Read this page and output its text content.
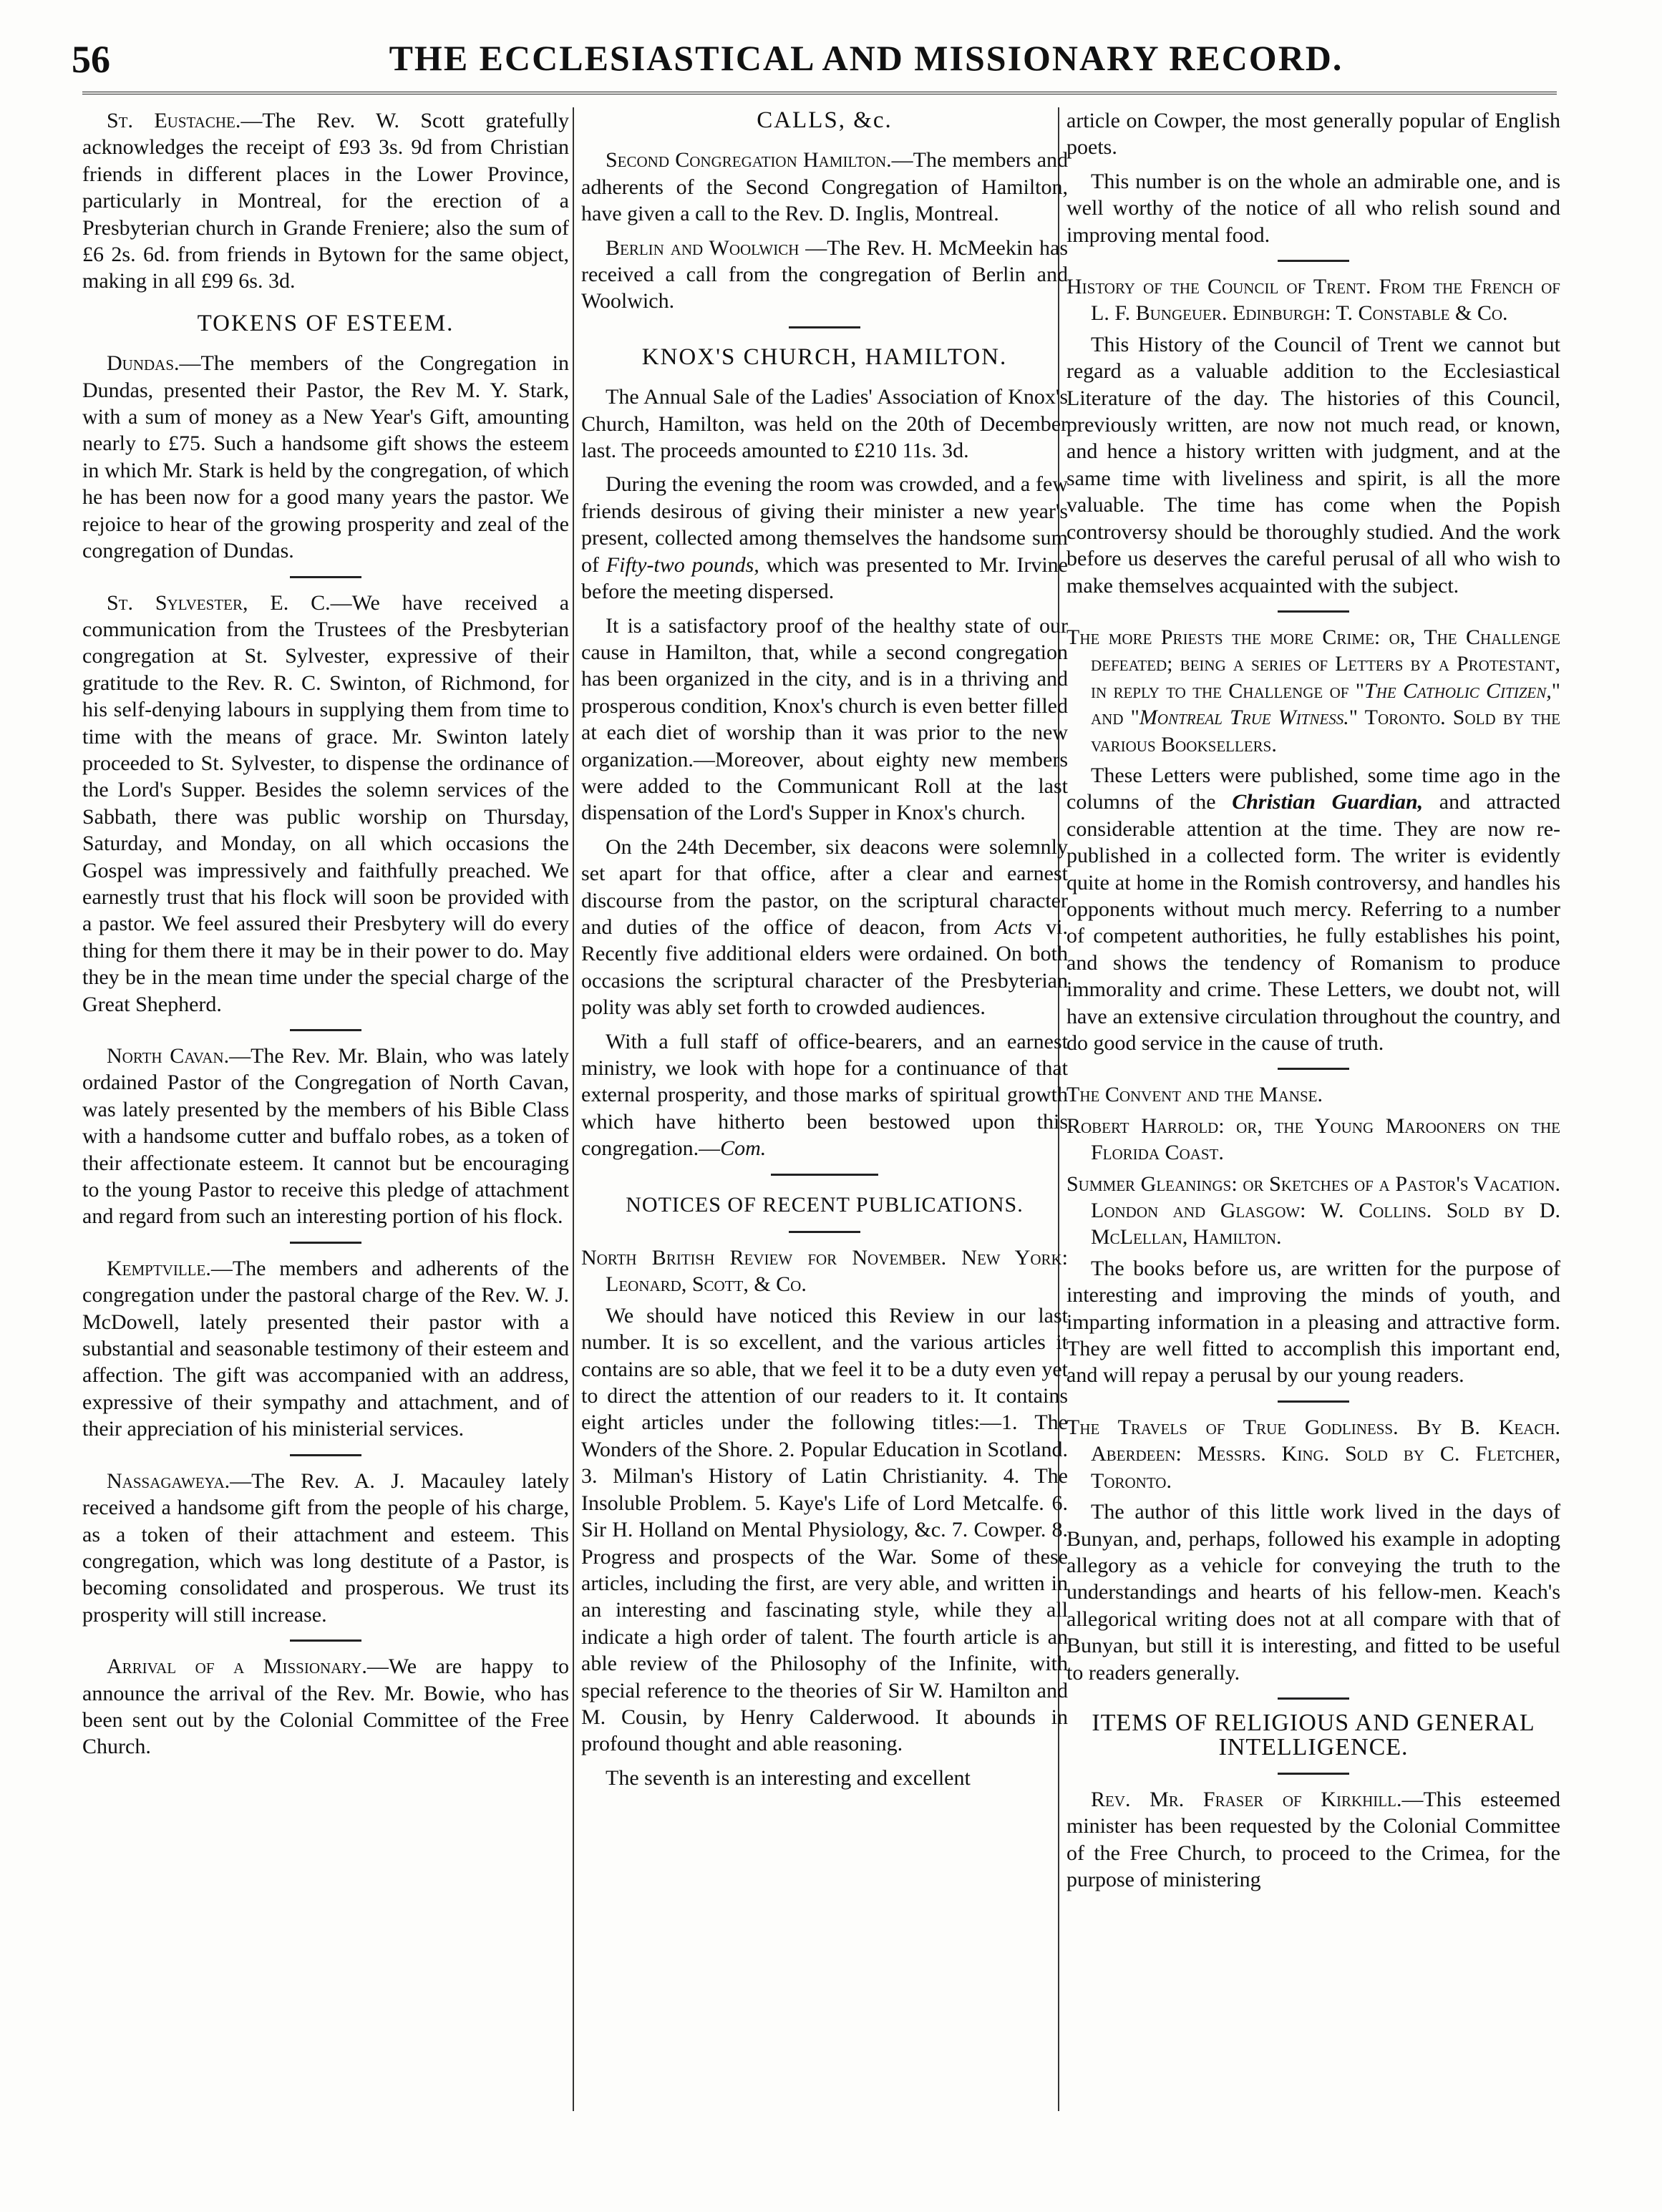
56	THE ECCLESIASTICAL AND MISSIONARY RECORD.

St. Eustache.—The Rev. W. Scott gratefully acknowledges the receipt of £93 3s. 9d from Christian friends in different places in the Lower Province, particularly in Montreal, for the erection of a Presbyterian church in Grande Freniere; also the sum of £6 2s. 6d. from friends in Bytown for the same object, making in all £99 6s. 3d.

TOKENS OF ESTEEM.

Dundas.—The members of the Congregation in Dundas, presented their Pastor, the Rev M. Y. Stark, with a sum of money as a New Year's Gift, amounting nearly to £75. Such a handsome gift shows the esteem in which Mr. Stark is held by the congregation, of which he has been now for a good many years the pastor. We rejoice to hear of the growing prosperity and zeal of the congregation of Dundas.

St. Sylvester, E. C.—We have received a communication from the Trustees of the Presbyterian congregation at St. Sylvester, expressive of their gratitude to the Rev. R. C. Swinton, of Richmond, for his self-denying labours in supplying them from time to time with the means of grace. Mr. Swinton lately proceeded to St. Sylvester, to dispense the ordinance of the Lord's Supper. Besides the solemn services of the Sabbath, there was public worship on Thursday, Saturday, and Monday, on all which occasions the Gospel was impressively and faithfully preached. We earnestly trust that his flock will soon be provided with a pastor. We feel assured their Presbytery will do every thing for them there it may be in their power to do. May they be in the mean time under the special charge of the Great Shepherd.

North Cavan.—The Rev. Mr. Blain, who was lately ordained Pastor of the Congregation of North Cavan, was lately presented by the members of his Bible Class with a handsome cutter and buffalo robes, as a token of their affectionate esteem. It cannot but be encouraging to the young Pastor to receive this pledge of attachment and regard from such an interesting portion of his flock.

Kemptville.—The members and adherents of the congregation under the pastoral charge of the Rev. W. J. McDowell, lately presented their pastor with a substantial and seasonable testimony of their esteem and affection. The gift was accompanied with an address, expressive of their sympathy and attachment, and of their appreciation of his ministerial services.

Nassagaweya.—The Rev. A. J. Macauley lately received a handsome gift from the people of his charge, as a token of their attachment and esteem. This congregation, which was long destitute of a Pastor, is becoming consolidated and prosperous. We trust its prosperity will still increase.

Arrival of a Missionary.—We are happy to announce the arrival of the Rev. Mr. Bowie, who has been sent out by the Colonial Committee of the Free Church.

CALLS, &c.

Second Congregation Hamilton.—The members and adherents of the Second Congregation of Hamilton, have given a call to the Rev. D. Inglis, Montreal.

Berlin and Woolwich —The Rev. H. McMeekin has received a call from the congregation of Berlin and Woolwich.

KNOX'S CHURCH, HAMILTON.

The Annual Sale of the Ladies' Association of Knox's Church, Hamilton, was held on the 20th of December last. The proceeds amounted to £210 11s. 3d.

During the evening the room was crowded, and a few friends desirous of giving their minister a new year's present, collected among themselves the handsome sum of Fifty-two pounds, which was presented to Mr. Irvine before the meeting dispersed.

It is a satisfactory proof of the healthy state of our cause in Hamilton, that, while a second congregation has been organized in the city, and is in a thriving and prosperous condition, Knox's church is even better filled at each diet of worship than it was prior to the new organization.—Moreover, about eighty new members were added to the Communicant Roll at the last dispensation of the Lord's Supper in Knox's church.

On the 24th December, six deacons were solemnly set apart for that office, after a clear and earnest discourse from the pastor, on the scriptural character and duties of the office of deacon, from Acts vi. Recently five additional elders were ordained. On both occasions the scriptural character of the Presbyterian polity was ably set forth to crowded audiences.

With a full staff of office-bearers, and an earnest ministry, we look with hope for a continuance of that external prosperity, and those marks of spiritual growth which have hitherto been bestowed upon this congregation.—Com.

NOTICES OF RECENT PUBLICATIONS.

North British Review for November. New York: Leonard, Scott, & Co.

We should have noticed this Review in our last number. It is so excellent, and the various articles it contains are so able, that we feel it to be a duty even yet to direct the attention of our readers to it. It contains eight articles under the following titles:—1. The Wonders of the Shore. 2. Popular Education in Scotland. 3. Milman's History of Latin Christianity. 4. The Insoluble Problem. 5. Kaye's Life of Lord Metcalfe. 6. Sir H. Holland on Mental Physiology, &c. 7. Cowper. 8. Progress and prospects of the War. Some of these articles, including the first, are very able, and written in an interesting and fascinating style, while they all indicate a high order of talent. The fourth article is an able review of the Philosophy of the Infinite, with special reference to the theories of Sir W. Hamilton and M. Cousin, by Henry Calderwood. It abounds in profound thought and able reasoning.

The seventh is an interesting and excellent

article on Cowper, the most generally popular of English poets.

This number is on the whole an admirable one, and is well worthy of the notice of all who relish sound and improving mental food.

History of the Council of Trent. From the French of L. F. Bungeuer. Edinburgh: T. Constable & Co.

This History of the Council of Trent we cannot but regard as a valuable addition to the Ecclesiastical Literature of the day. The histories of this Council, previously written, are now not much read, or known, and hence a history written with judgment, and at the same time with liveliness and spirit, is all the more valuable. The time has come when the Popish controversy should be thoroughly studied. And the work before us deserves the careful perusal of all who wish to make themselves acquainted with the subject.

The more Priests the more Crime: or, The Challenge defeated; being a series of Letters by a Protestant, in reply to the Challenge of "The Catholic Citizen," and "Montreal True Witness." Toronto. Sold by the various Booksellers.

These Letters were published, some time ago in the columns of the Christian Guardian, and attracted considerable attention at the time. They are now re-published in a collected form. The writer is evidently quite at home in the Romish controversy, and handles his opponents without much mercy. Referring to a number of competent authorities, he fully establishes his point, and shows the tendency of Romanism to produce immorality and crime. These Letters, we doubt not, will have an extensive circulation throughout the country, and do good service in the cause of truth.

The Convent and the Manse.

Robert Harrold: or, the Young Marooners on the Florida Coast.

Summer Gleanings: or Sketches of a Pastor's Vacation. London and Glasgow: W. Collins. Sold by D. McLellan, Hamilton.

The books before us, are written for the purpose of interesting and improving the minds of youth, and imparting information in a pleasing and attractive form. They are well fitted to accomplish this important end, and will repay a perusal by our young readers.

The Travels of True Godliness. By B. Keach. Aberdeen: Messrs. King. Sold by C. Fletcher, Toronto.

The author of this little work lived in the days of Bunyan, and, perhaps, followed his example in adopting allegory as a vehicle for conveying the truth to the understandings and hearts of his fellow-men. Keach's allegorical writing does not at all compare with that of Bunyan, but still it is interesting, and fitted to be useful to readers generally.

ITEMS OF RELIGIOUS AND GENERAL INTELLIGENCE.

Rev. Mr. Fraser of Kirkhill.—This esteemed minister has been requested by the Colonial Committee of the Free Church, to proceed to the Crimea, for the purpose of ministering
